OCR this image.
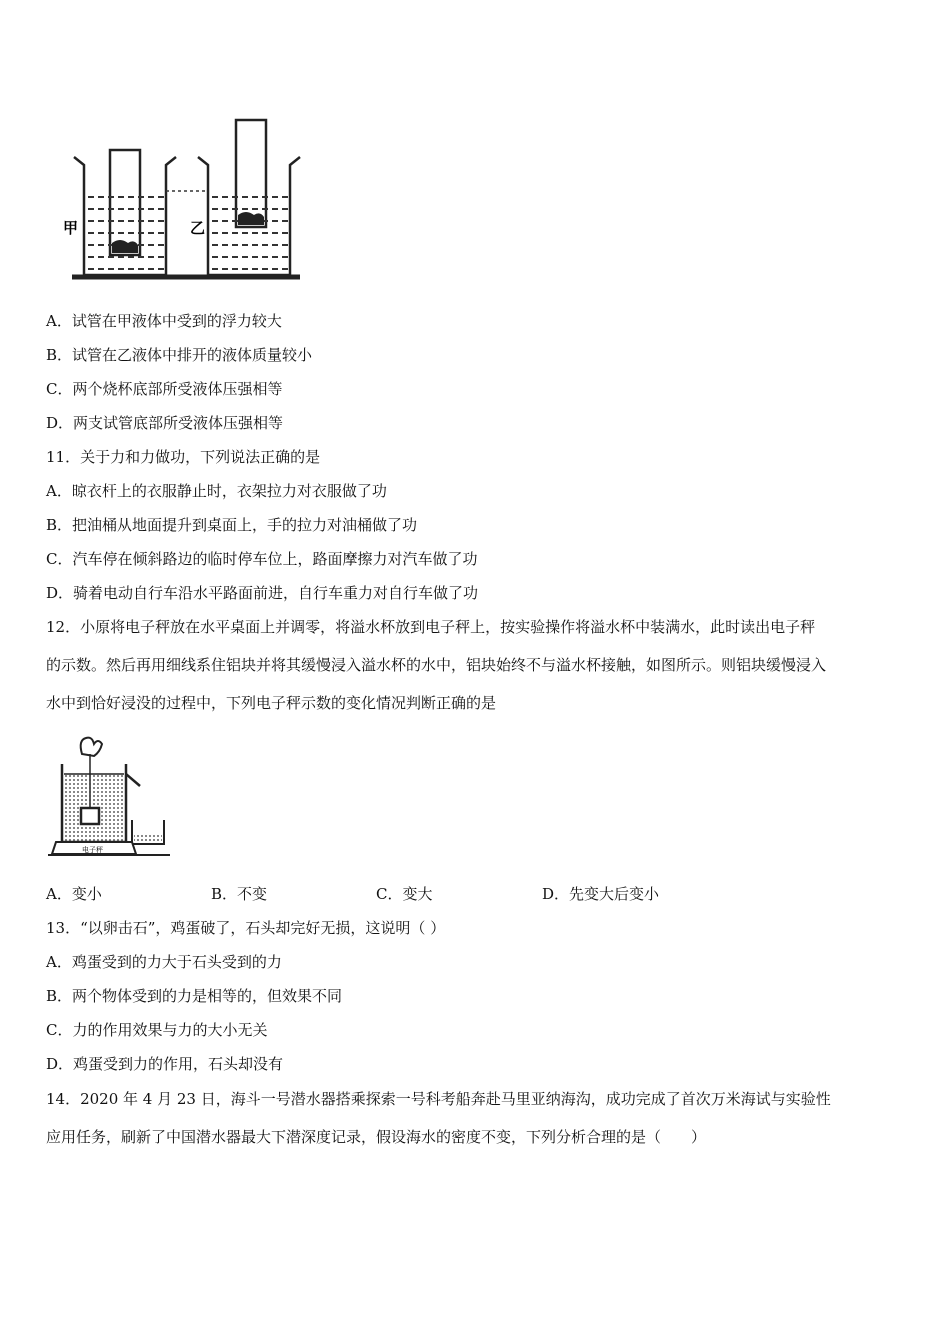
甲	乙
A．试管在甲液体中受到的浮力较大
B．试管在乙液体中排开的液体质量较小
C．两个烧杯底部所受液体压强相等
D．两支试管底部所受液体压强相等
11．关于力和力做功，下列说法正确的是
A．晾衣杆上的衣服静止时，衣架拉力对衣服做了功
B．把油桶从地面提升到桌面上，手的拉力对油桶做了功
C．汽车停在倾斜路边的临时停车位上，路面摩擦力对汽车做了功
D．骑着电动自行车沿水平路面前进，自行车重力对自行车做了功
12．小原将电子秤放在水平桌面上并调零，将溢水杯放到电子秤上，按实验操作将溢水杯中装满水，此时读出电子秤
的示数。然后再用细线系住铝块并将其缓慢浸入溢水杯的水中，铝块始终不与溢水杯接触，如图所示。则铝块缓慢浸入
水中到恰好浸没的过程中，下列电子秤示数的变化情况判断正确的是
电子秤
A．变小	B．不变	C．变大	D．先变大后变小
13．“以卵击石”，鸡蛋破了，石头却完好无损，这说明（ ）
A．鸡蛋受到的力大于石头受到的力
B．两个物体受到的力是相等的，但效果不同
C．力的作用效果与力的大小无关
D．鸡蛋受到力的作用，石头却没有
14．2020 年 4 月 23 日，海斗一号潜水器搭乘探索一号科考船奔赴马里亚纳海沟，成功完成了首次万米海试与实验性
应用任务，刷新了中国潜水器最大下潜深度记录，假设海水的密度不变，下列分析合理的是（　　）
